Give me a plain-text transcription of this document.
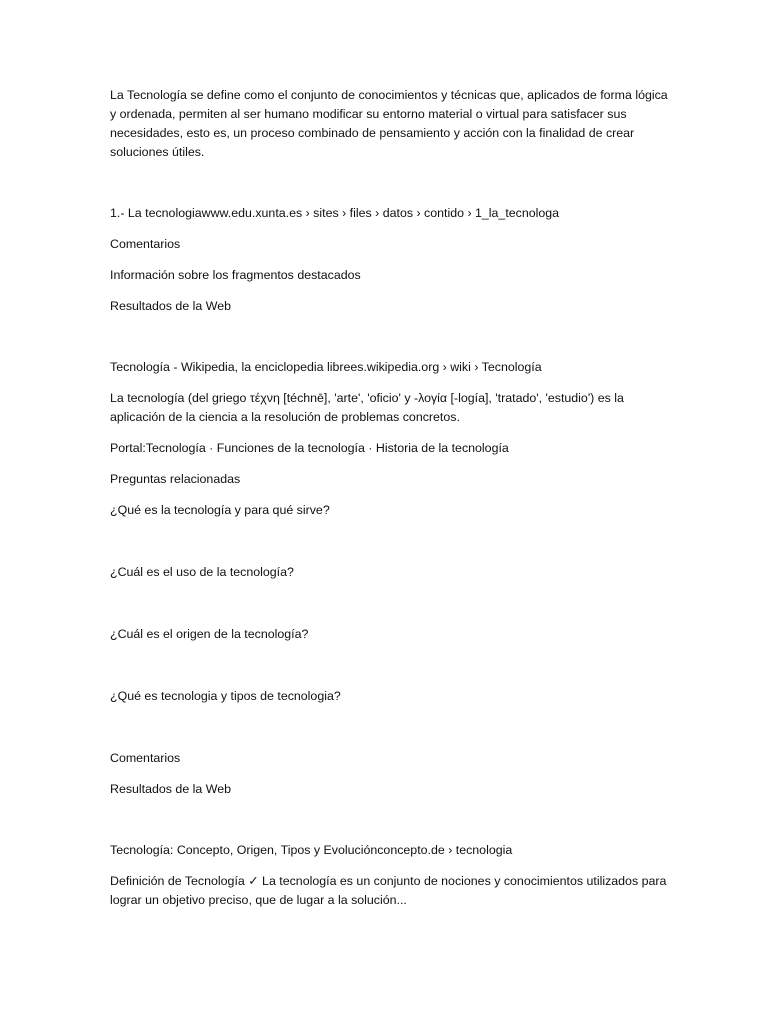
La Tecnología se define como el conjunto de conocimientos y técnicas que, aplicados de forma lógica y ordenada, permiten al ser humano modificar su entorno material o virtual para satisfacer sus necesidades, esto es, un proceso combinado de pensamiento y acción con la finalidad de crear soluciones útiles.

1.- La tecnologiawww.edu.xunta.es › sites › files › datos › contido › 1_la_tecnologa

Comentarios

Información sobre los fragmentos destacados

Resultados de la Web

Tecnología - Wikipedia, la enciclopedia librees.wikipedia.org › wiki › Tecnología

La tecnología (del griego τέχνη [téchnē], 'arte', 'oficio' y -λογία [-logía], 'tratado', 'estudio') es la aplicación de la ciencia a la resolución de problemas concretos.

Portal:Tecnología · Funciones de la tecnología · Historia de la tecnología

Preguntas relacionadas

¿Qué es la tecnología y para qué sirve?

¿Cuál es el uso de la tecnología?

¿Cuál es el origen de la tecnología?

¿Qué es tecnologia y tipos de tecnologia?

Comentarios

Resultados de la Web

Tecnología: Concepto, Origen, Tipos y Evoluciónconcepto.de › tecnologia

Definición de Tecnología ✓ La tecnología es un conjunto de nociones y conocimientos utilizados para lograr un objetivo preciso, que de lugar a la solución...
